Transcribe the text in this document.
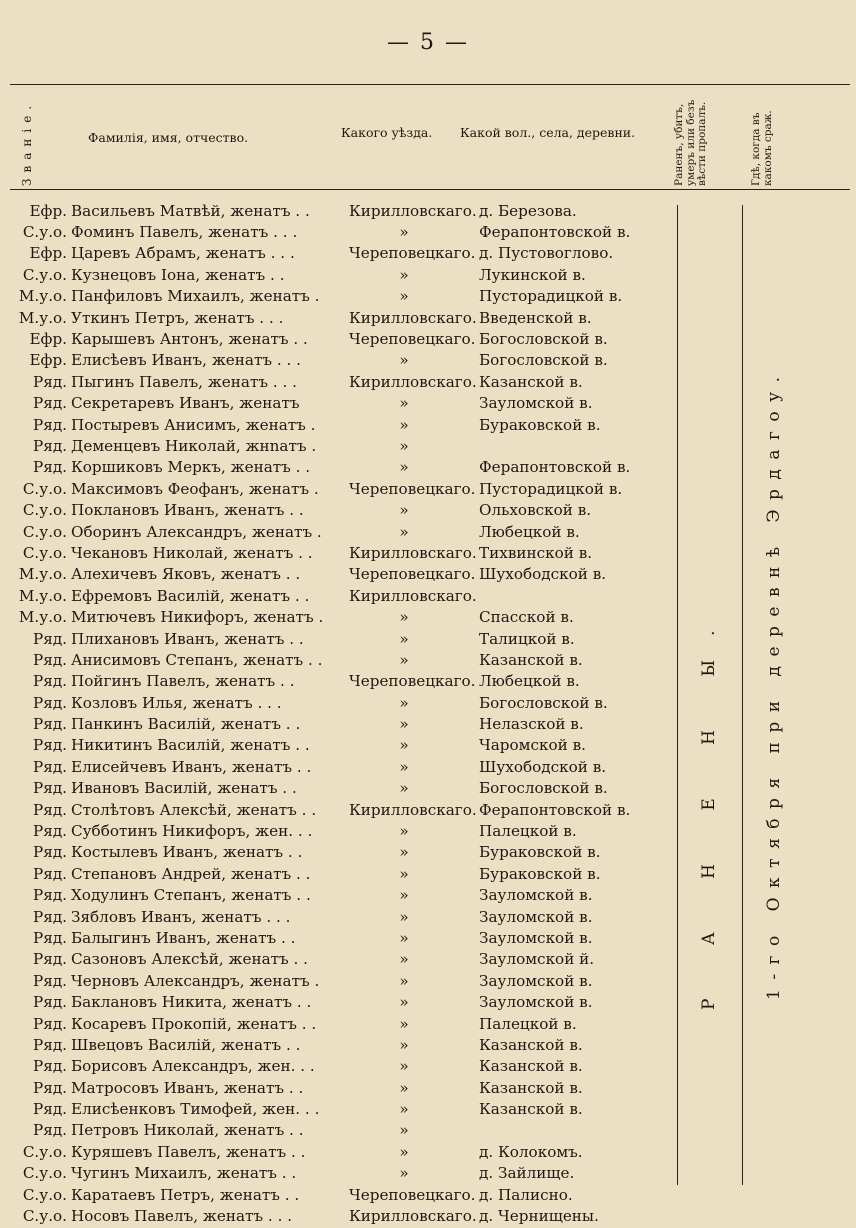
— 5 —
Званіе.	Фамилія, имя, отчество.	Какого уѣзда. Какой вол., села, деревни.	Раненъ, убитъ, умеръ или безъ вѣсти пропалъ.	Гдѣ, когда въ какомъ сраж.
Р А Н Е Н Ы.	1-го Октября при деревнѣ Эрдагоу.
Ефр.	Васильевъ Матвѣй, женатъ . .		Кирилловскаго.	д. Березова.
С.у.о.	Фоминъ Павелъ, женатъ . . .		»	Ферапонтовской в.
Ефр.	Царевъ Абрамъ, женатъ . . .		Череповецкаго.	д. Пустовоглово.
С.у.о.	Кузнецовъ Іона, женатъ . .		»	Лукинской в.
М.у.о.	Панфиловъ Михаилъ, женатъ .		»	Пусторадицкой в.
М.у.о.	Уткинъ Петръ, женатъ . . .		Кирилловскаго.	Введенской в.
Ефр.	Карышевъ Антонъ, женатъ . .		Череповецкаго.	Богословской в.
Ефр.	Елисѣевъ Иванъ, женатъ . . .		»	Богословской в.
Ряд.	Пыгинъ Павелъ, женатъ . . .		Кирилловскаго.	Казанской в.
Ряд.	Секретаревъ Иванъ, женатъ		»	Зауломской в.
Ряд.	Постыревъ Анисимъ, женатъ .		»	Бураковской в.
Ряд.	Деменцевъ Николай, жнnатъ .		»	
Ряд.	Коршиковъ Меркъ, женатъ . .		»	Ферапонтовской в.
С.у.о.	Максимовъ Феофанъ, женатъ .		Череповецкаго.	Пусторадицкой в.
С.у.о.	Поклановъ Иванъ, женатъ . .		»	Ольховской в.
С.у.о.	Оборинъ Александръ, женатъ .		»	Любецкой в.
С.у.о.	Чекановъ Николай, женатъ . .		Кирилловскаго.	Тихвинской в.
М.у.о.	Алехичевъ Яковъ, женатъ . .		Череповецкаго.	Шухободской в.
М.у.о.	Ефремовъ Василій, женатъ . .		Кирилловскаго.	
М.у.о.	Митючевъ Никифоръ, женатъ .		»	Спасской в.
Ряд.	Плихановъ Иванъ, женатъ . .		»	Талицкой в.
Ряд.	Анисимовъ Степанъ, женатъ . .		»	Казанской в.
Ряд.	Пойгинъ Павелъ, женатъ . .		Череповецкаго.	Любецкой в.
Ряд.	Козловъ Илья, женатъ . . .		»	Богословской в.
Ряд.	Панкинъ Василій, женатъ . .		»	Нелазской в.
Ряд.	Никитинъ Василій, женатъ . .		»	Чаромской в.
Ряд.	Елисейчевъ Иванъ, женатъ . .		»	Шухободской в.
Ряд.	Ивановъ Василій, женатъ . .		»	Богословской в.
Ряд.	Столѣтовъ Алексѣй, женатъ . .		Кирилловскаго.	Ферапонтовской в.
Ряд.	Субботинъ Никифоръ, жен. . .		»	Палецкой в.
Ряд.	Костылевъ Иванъ, женатъ . .		»	Бураковской в.
Ряд.	Степановъ Андрей, женатъ . .		»	Бураковской в.
Ряд.	Ходулинъ Степанъ, женатъ . .		»	Зауломской в.
Ряд.	Зябловъ Иванъ, женатъ . . .		»	Зауломской в.
Ряд.	Балыгинъ Иванъ, женатъ . .		»	Зауломской в.
Ряд.	Сазоновъ Алексѣй, женатъ . .		»	Зауломской й.
Ряд.	Черновъ Александръ, женатъ .		»	Зауломской в.
Ряд.	Баклановъ Никита, женатъ . .		»	Зауломской в.
Ряд.	Косаревъ Прокопій, женатъ . .		»	Палецкой в.
Ряд.	Швецовъ Василій, женатъ . .		»	Казанской в.
Ряд.	Борисовъ Александръ, жен. . .		»	Казанской в.
Ряд.	Матросовъ Иванъ, женатъ . .		»	Казанской в.
Ряд.	Елисѣенковъ Тимофей, жен. . .		»	Казанской в.
Ряд.	Петровъ Николай, женатъ . .		»	
С.у.о.	Куряшевъ Павелъ, женатъ . .		»	д. Колокомъ.
С.у.о.	Чугинъ Михаилъ, женатъ . .		»	д. Зайлище.
С.у.о.	Каратаевъ Петръ, женатъ . .		Череповецкаго.	д. Палисно.
С.у.о.	Носовъ Павелъ, женатъ . . .		Кирилловскаго.	д. Чернищены.
